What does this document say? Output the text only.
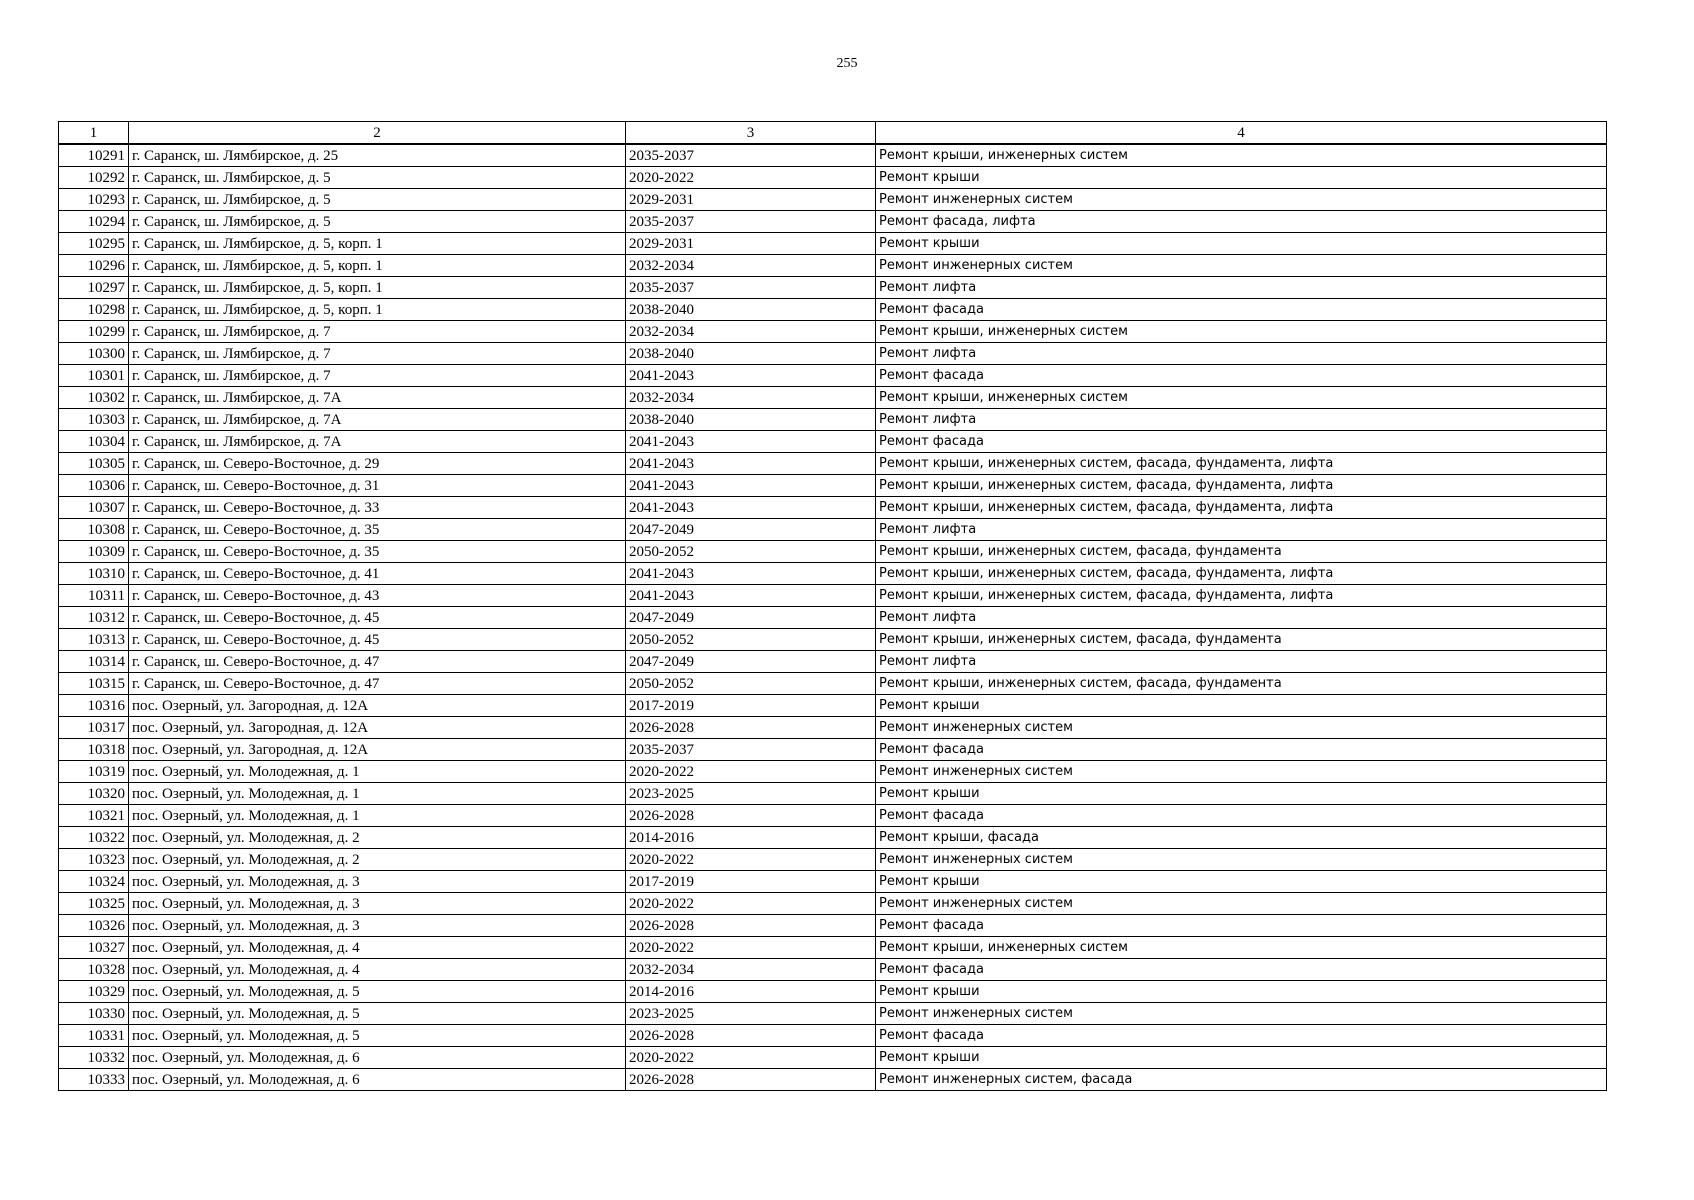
255
1	2	3	4
10291	г. Саранск, ш. Лямбирское, д. 25	2035-2037	Ремонт крыши, инженерных систем
10292	г. Саранск, ш. Лямбирское, д. 5	2020-2022	Ремонт крыши
10293	г. Саранск, ш. Лямбирское, д. 5	2029-2031	Ремонт инженерных систем
10294	г. Саранск, ш. Лямбирское, д. 5	2035-2037	Ремонт фасада, лифта
10295	г. Саранск, ш. Лямбирское, д. 5, корп. 1	2029-2031	Ремонт крыши
10296	г. Саранск, ш. Лямбирское, д. 5, корп. 1	2032-2034	Ремонт инженерных систем
10297	г. Саранск, ш. Лямбирское, д. 5, корп. 1	2035-2037	Ремонт лифта
10298	г. Саранск, ш. Лямбирское, д. 5, корп. 1	2038-2040	Ремонт фасада
10299	г. Саранск, ш. Лямбирское, д. 7	2032-2034	Ремонт крыши, инженерных систем
10300	г. Саранск, ш. Лямбирское, д. 7	2038-2040	Ремонт лифта
10301	г. Саранск, ш. Лямбирское, д. 7	2041-2043	Ремонт фасада
10302	г. Саранск, ш. Лямбирское, д. 7А	2032-2034	Ремонт крыши, инженерных систем
10303	г. Саранск, ш. Лямбирское, д. 7А	2038-2040	Ремонт лифта
10304	г. Саранск, ш. Лямбирское, д. 7А	2041-2043	Ремонт фасада
10305	г. Саранск, ш. Северо-Восточное, д. 29	2041-2043	Ремонт крыши, инженерных систем, фасада, фундамента, лифта
10306	г. Саранск, ш. Северо-Восточное, д. 31	2041-2043	Ремонт крыши, инженерных систем, фасада, фундамента, лифта
10307	г. Саранск, ш. Северо-Восточное, д. 33	2041-2043	Ремонт крыши, инженерных систем, фасада, фундамента, лифта
10308	г. Саранск, ш. Северо-Восточное, д. 35	2047-2049	Ремонт лифта
10309	г. Саранск, ш. Северо-Восточное, д. 35	2050-2052	Ремонт крыши, инженерных систем, фасада, фундамента
10310	г. Саранск, ш. Северо-Восточное, д. 41	2041-2043	Ремонт крыши, инженерных систем, фасада, фундамента, лифта
10311	г. Саранск, ш. Северо-Восточное, д. 43	2041-2043	Ремонт крыши, инженерных систем, фасада, фундамента, лифта
10312	г. Саранск, ш. Северо-Восточное, д. 45	2047-2049	Ремонт лифта
10313	г. Саранск, ш. Северо-Восточное, д. 45	2050-2052	Ремонт крыши, инженерных систем, фасада, фундамента
10314	г. Саранск, ш. Северо-Восточное, д. 47	2047-2049	Ремонт лифта
10315	г. Саранск, ш. Северо-Восточное, д. 47	2050-2052	Ремонт крыши, инженерных систем, фасада, фундамента
10316	пос. Озерный, ул. Загородная, д. 12А	2017-2019	Ремонт крыши
10317	пос. Озерный, ул. Загородная, д. 12А	2026-2028	Ремонт инженерных систем
10318	пос. Озерный, ул. Загородная, д. 12А	2035-2037	Ремонт фасада
10319	пос. Озерный, ул. Молодежная, д. 1	2020-2022	Ремонт инженерных систем
10320	пос. Озерный, ул. Молодежная, д. 1	2023-2025	Ремонт крыши
10321	пос. Озерный, ул. Молодежная, д. 1	2026-2028	Ремонт фасада
10322	пос. Озерный, ул. Молодежная, д. 2	2014-2016	Ремонт крыши, фасада
10323	пос. Озерный, ул. Молодежная, д. 2	2020-2022	Ремонт инженерных систем
10324	пос. Озерный, ул. Молодежная, д. 3	2017-2019	Ремонт крыши
10325	пос. Озерный, ул. Молодежная, д. 3	2020-2022	Ремонт инженерных систем
10326	пос. Озерный, ул. Молодежная, д. 3	2026-2028	Ремонт фасада
10327	пос. Озерный, ул. Молодежная, д. 4	2020-2022	Ремонт крыши, инженерных систем
10328	пос. Озерный, ул. Молодежная, д. 4	2032-2034	Ремонт фасада
10329	пос. Озерный, ул. Молодежная, д. 5	2014-2016	Ремонт крыши
10330	пос. Озерный, ул. Молодежная, д. 5	2023-2025	Ремонт инженерных систем
10331	пос. Озерный, ул. Молодежная, д. 5	2026-2028	Ремонт фасада
10332	пос. Озерный, ул. Молодежная, д. 6	2020-2022	Ремонт крыши
10333	пос. Озерный, ул. Молодежная, д. 6	2026-2028	Ремонт инженерных систем, фасада
